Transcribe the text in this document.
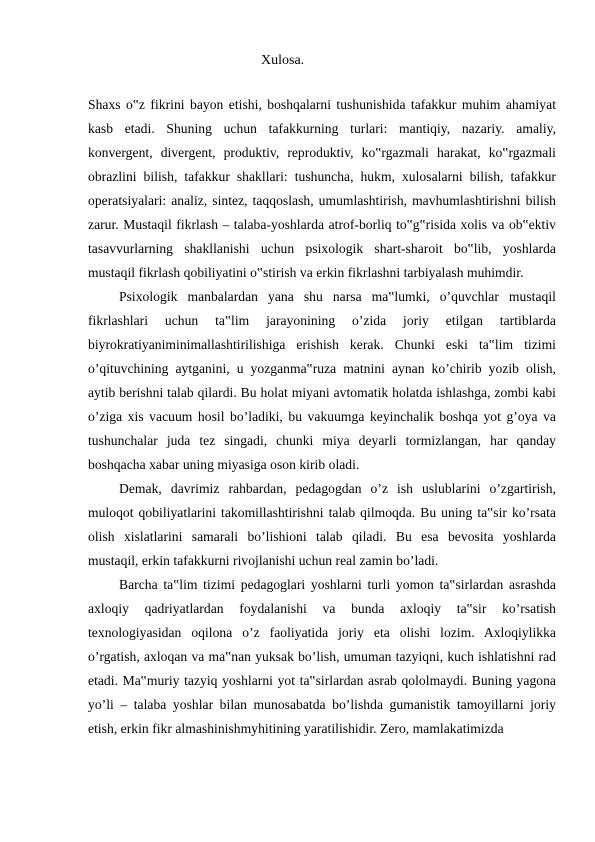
Xulosa.

Shaxs o‟z fikrini bayon etishi, boshqalarni tushunishida tafakkur muhim ahamiyat kasb etadi. Shuning uchun tafakkurning turlari: mantiqiy, nazariy. amaliy, konvergent, divergent, produktiv, reproduktiv, ko‟rgazmali harakat, ko‟rgazmali obrazlini bilish, tafakkur shakllari: tushuncha, hukm, xulosalarni bilish, tafakkur operatsiyalari: analiz, sintez, taqqoslash, umumlashtirish, mavhumlashtirishni bilish zarur. Mustaqil fikrlash – talaba-yoshlarda atrof-borliq to‟g‟risida xolis va ob‟ektiv tasavvurlarning shakllanishi uchun psixologik shart-sharoit bo‟lib, yoshlarda mustaqil fikrlash qobiliyatini o‟stirish va erkin fikrlashni tarbiyalash muhimdir.

Psixologik manbalardan yana shu narsa ma‟lumki, o’quvchlar mustaqil fikrlashlari uchun ta‟lim jarayonining o’zida joriy etilgan tartiblarda biyrokratiyaniminimallashtirilishiga erishish kerak. Chunki eski ta‟lim tizimi o’qituvchining aytganini, u yozganma‟ruza matnini aynan ko’chirib yozib olish, aytib berishni talab qilardi. Bu holat miyani avtomatik holatda ishlashga, zombi kabi o’ziga xis vacuum hosil bo’ladiki, bu vakuumga keyinchalik boshqa yot g’oya va tushunchalar juda tez singadi, chunki miya deyarli tormizlangan, har qanday boshqacha xabar uning miyasiga oson kirib oladi.

Demak, davrimiz rahbardan, pedagogdan o’z ish uslublarini o’zgartirish, muloqot qobiliyatlarini takomillashtirishni talab qilmoqda. Bu uning ta‟sir ko’rsata olish xislatlarini samarali bo’lishioni talab qiladi. Bu esa bevosita yoshlarda mustaqil, erkin tafakkurni rivojlanishi uchun real zamin bo’ladi.

Barcha ta‟lim tizimi pedagoglari yoshlarni turli yomon ta‟sirlardan asrashda axloqiy qadriyatlardan foydalanishi va bunda axloqiy ta‟sir ko’rsatish texnologiyasidan oqilona o’z faoliyatida joriy eta olishi lozim. Axloqiylikka o’rgatish, axloqan va ma‟nan yuksak bo’lish, umuman tazyiqni, kuch ishlatishni rad etadi. Ma‟muriy tazyiq yoshlarni yot ta‟sirlardan asrab qololmaydi. Buning yagona yo’li – talaba yoshlar bilan munosabatda bo’lishda gumanistik tamoyillarni joriy etish, erkin fikr almashinishmyhitining yaratilishidir. Zero, mamlakatimizda
